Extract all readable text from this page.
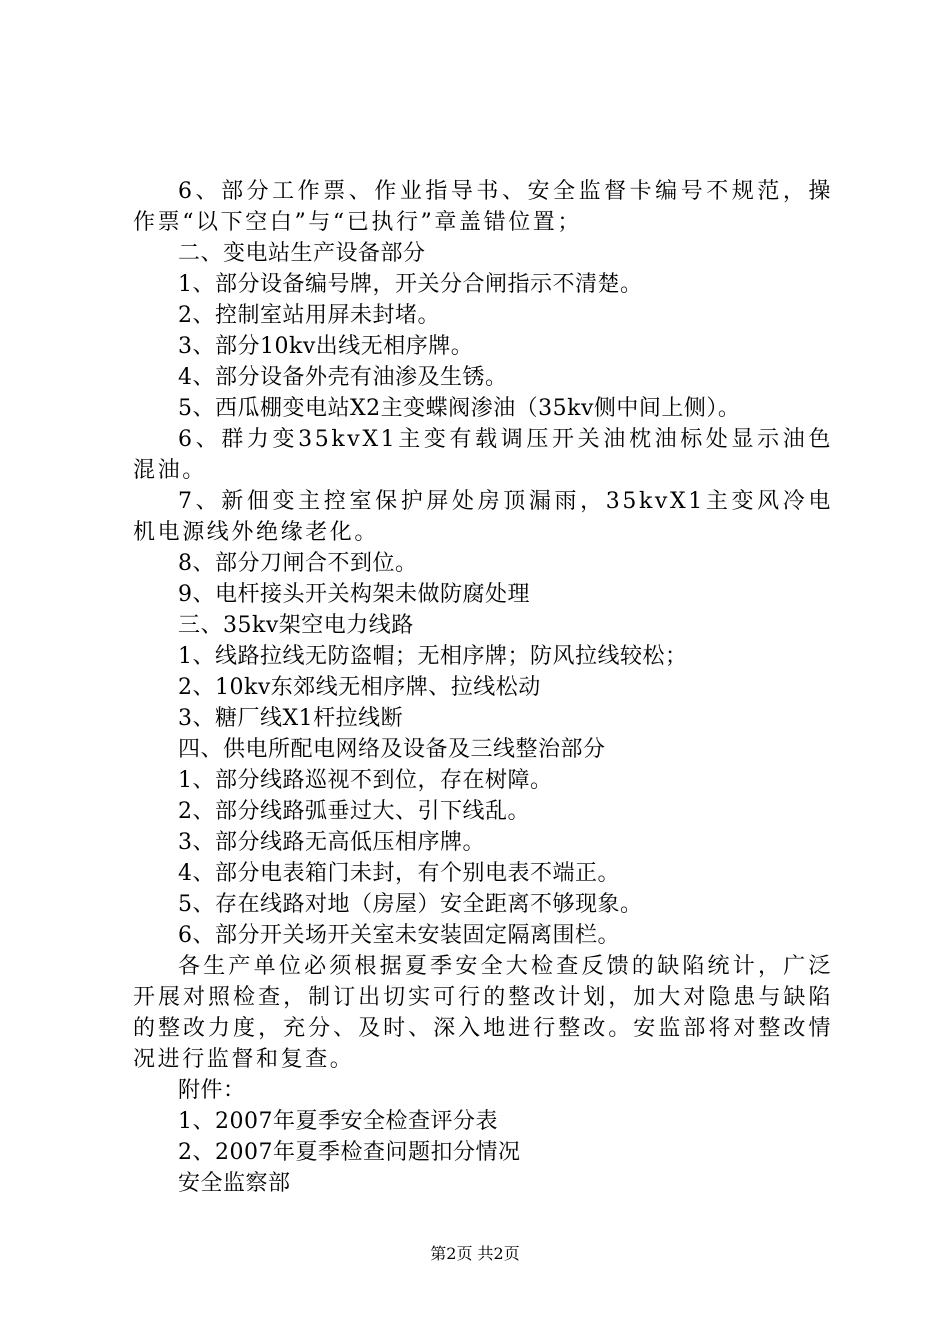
6、部分工作票、作业指导书、安全监督卡编号不规范，操作票“以下空白”与“已执行”章盖错位置；

二、变电站生产设备部分

1、部分设备编号牌，开关分合闸指示不清楚。

2、控制室站用屏未封堵。

3、部分10kv出线无相序牌。

4、部分设备外壳有油渗及生锈。

5、西瓜棚变电站X2主变蝶阀渗油（35kv侧中间上侧）。

6、群力变35kvX1主变有载调压开关油枕油标处显示油色混油。

7、新佃变主控室保护屏处房顶漏雨，35kvX1主变风冷电机电源线外绝缘老化。

8、部分刀闸合不到位。

9、电杆接头开关构架未做防腐处理

三、35kv架空电力线路

1、线路拉线无防盗帽；无相序牌；防风拉线较松；

2、10kv东郊线无相序牌、拉线松动

3、糖厂线X1杆拉线断

四、供电所配电网络及设备及三线整治部分

1、部分线路巡视不到位，存在树障。

2、部分线路弧垂过大、引下线乱。

3、部分线路无高低压相序牌。

4、部分电表箱门未封，有个别电表不端正。

5、存在线路对地（房屋）安全距离不够现象。

6、部分开关场开关室未安装固定隔离围栏。

各生产单位必须根据夏季安全大检查反馈的缺陷统计，广泛开展对照检查，制订出切实可行的整改计划，加大对隐患与缺陷的整改力度，充分、及时、深入地进行整改。安监部将对整改情况进行监督和复查。

附件：

1、2007年夏季安全检查评分表

2、2007年夏季检查问题扣分情况

安全监察部

第2页 共2页
